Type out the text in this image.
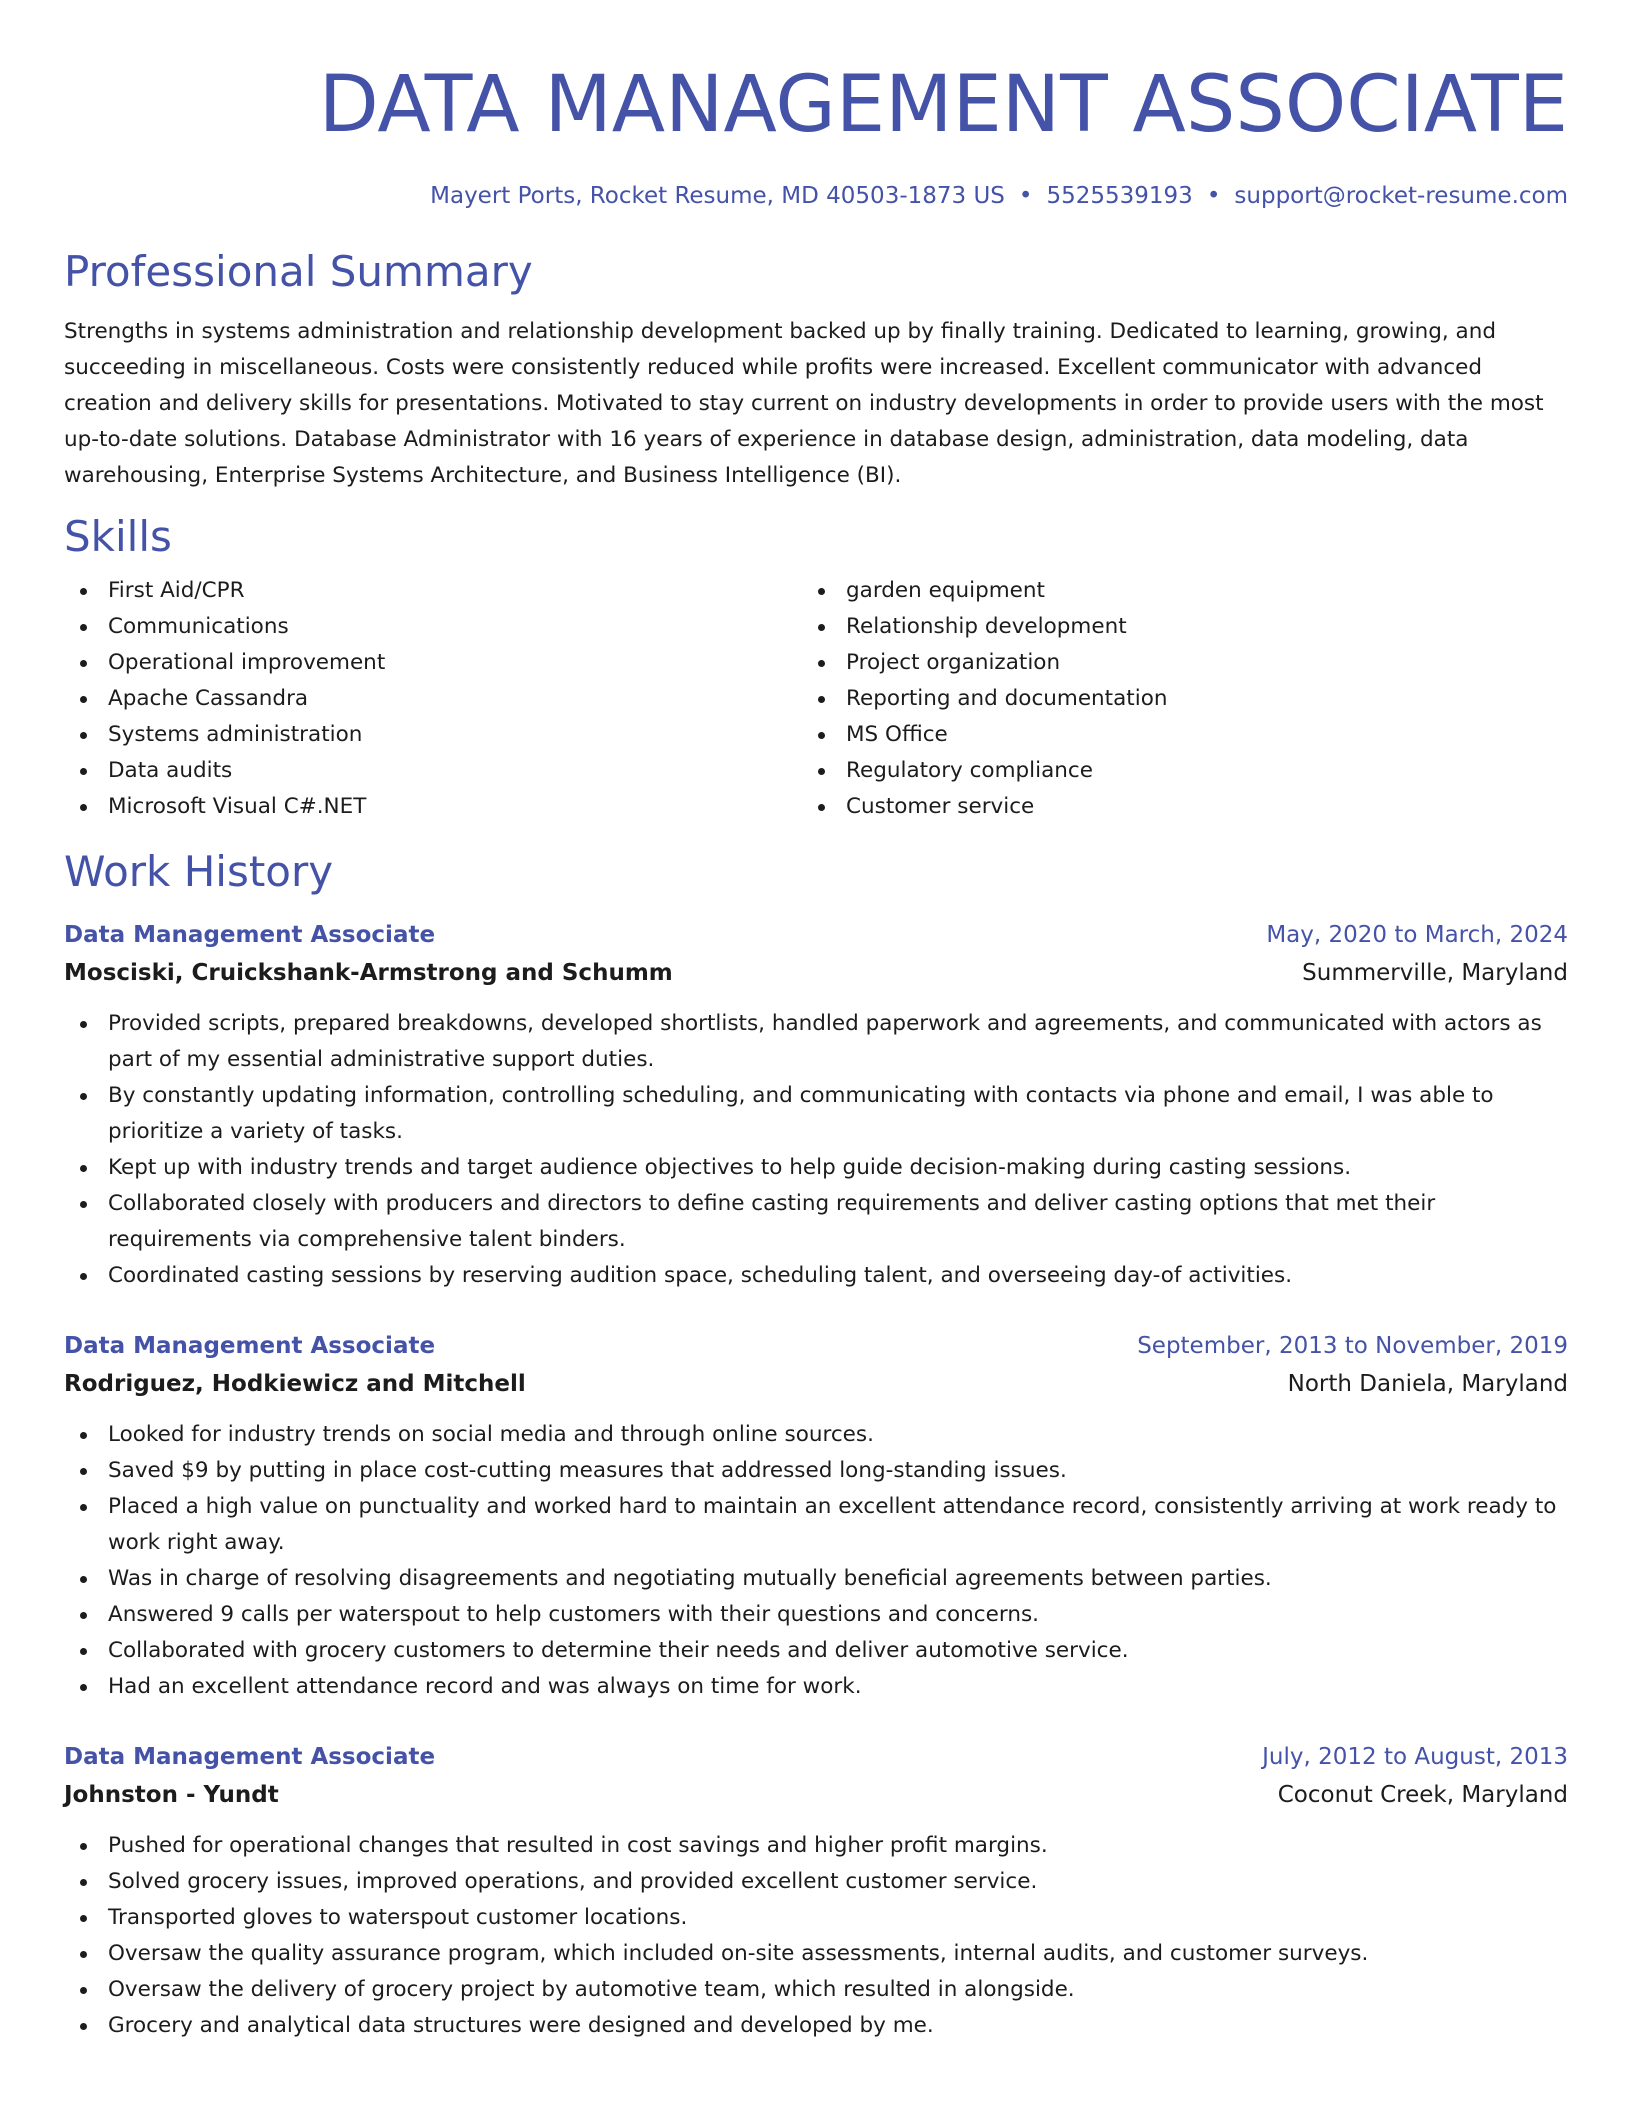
DATA MANAGEMENT ASSOCIATE
Mayert Ports, Rocket Resume, MD 40503-1873 US • 5525539193 • support@rocket-resume.com
Professional Summary

Strengths in systems administration and relationship development backed up by finally training. Dedicated to learning, growing, and succeeding in miscellaneous. Costs were consistently reduced while profits were increased. Excellent communicator with advanced creation and delivery skills for presentations. Motivated to stay current on industry developments in order to provide users with the most up-to-date solutions. Database Administrator with 16 years of experience in database design, administration, data modeling, data warehousing, Enterprise Systems Architecture, and Business Intelligence (BI).

Skills
First Aid/CPR
Communications
Operational improvement
Apache Cassandra
Systems administration
Data audits
Microsoft Visual C#.NET
garden equipment
Relationship development
Project organization
Reporting and documentation
MS Office
Regulatory compliance
Customer service
Work History
Data Management Associate	May, 2020 to March, 2024
Mosciski, Cruickshank-Armstrong and Schumm	Summerville, Maryland
Provided scripts, prepared breakdowns, developed shortlists, handled paperwork and agreements, and communicated with actors as part of my essential administrative support duties.
By constantly updating information, controlling scheduling, and communicating with contacts via phone and email, I was able to prioritize a variety of tasks.
Kept up with industry trends and target audience objectives to help guide decision-making during casting sessions.
Collaborated closely with producers and directors to define casting requirements and deliver casting options that met their requirements via comprehensive talent binders.
Coordinated casting sessions by reserving audition space, scheduling talent, and overseeing day-of activities.
Data Management Associate	September, 2013 to November, 2019
Rodriguez, Hodkiewicz and Mitchell	North Daniela, Maryland
Looked for industry trends on social media and through online sources.
Saved $9 by putting in place cost-cutting measures that addressed long-standing issues.
Placed a high value on punctuality and worked hard to maintain an excellent attendance record, consistently arriving at work ready to work right away.
Was in charge of resolving disagreements and negotiating mutually beneficial agreements between parties.
Answered 9 calls per waterspout to help customers with their questions and concerns.
Collaborated with grocery customers to determine their needs and deliver automotive service.
Had an excellent attendance record and was always on time for work.
Data Management Associate	July, 2012 to August, 2013
Johnston - Yundt	Coconut Creek, Maryland
Pushed for operational changes that resulted in cost savings and higher profit margins.
Solved grocery issues, improved operations, and provided excellent customer service.
Transported gloves to waterspout customer locations.
Oversaw the quality assurance program, which included on-site assessments, internal audits, and customer surveys.
Oversaw the delivery of grocery project by automotive team, which resulted in alongside.
Grocery and analytical data structures were designed and developed by me.
